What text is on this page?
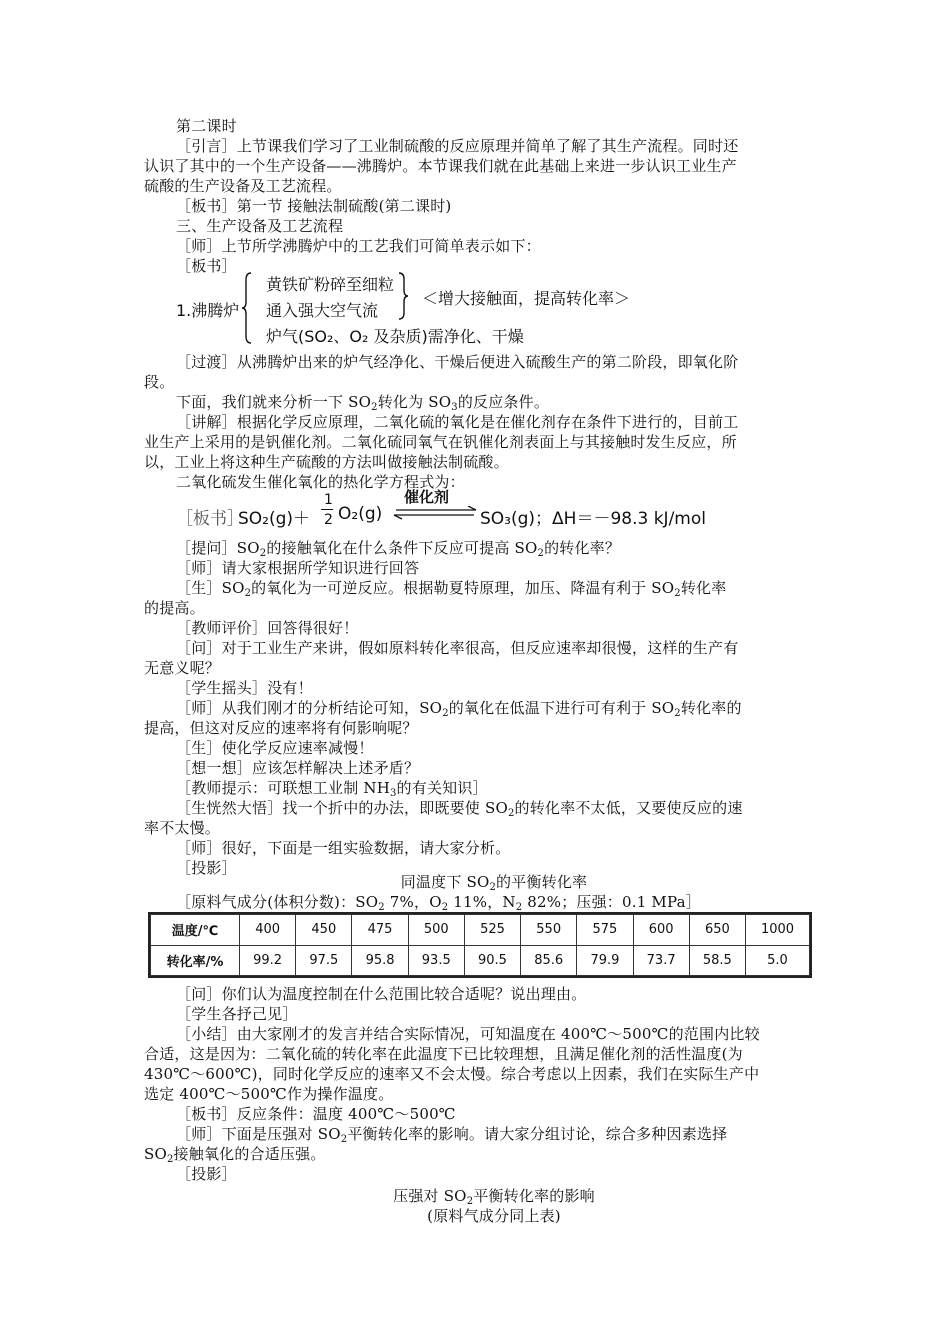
第二课时
［引言］上节课我们学习了工业制硫酸的反应原理并简单了解了其生产流程。同时还
认识了其中的一个生产设备——沸腾炉。本节课我们就在此基础上来进一步认识工业生产
硫酸的生产设备及工艺流程。
［板书］第一节 接触法制硫酸(第二课时)
三、生产设备及工艺流程
［师］上节所学沸腾炉中的工艺我们可简单表示如下：
［板书］
1.沸腾炉
黄铁矿粉碎至细粒
通入强大空气流
炉气(SO₂、O₂ 及杂质)需净化、干燥
＜增大接触面，提高转化率＞
［过渡］从沸腾炉出来的炉气经净化、干燥后便进入硫酸生产的第二阶段，即氧化阶
段。
下面，我们就来分析一下 $SO_2$转化为 $SO_3$的反应条件。
［讲解］根据化学反应原理，二氧化硫的氧化是在催化剂存在条件下进行的，目前工
业生产上采用的是钒催化剂。二氧化硫同氧气在钒催化剂表面上与其接触时发生反应，所
以，工业上将这种生产硫酸的方法叫做接触法制硫酸。
二氧化硫发生催化氧化的热化学方程式为：
［板书］
SO₂(g)＋
1
2 O₂(g)
催化剂
SO₃(g)；ΔH＝－98.3 kJ/mol
［提问$]SO_2$的接触氧化在什么条件下反应可提高 $SO_2$的转化率？
［师］请大家根据所学知识进行回答
［生$]SO_2$的氧化为一可逆反应。根据勒夏特原理，加压、降温有利于 $SO_2$转化率
的提高。
［教师评价］回答得很好！
［问］对于工业生产来讲，假如原料转化率很高，但反应速率却很慢，这样的生产有
无意义呢？
［学生摇头］没有！
［师］从我们刚才的分析结论可知，$SO_2$的氧化在低温下进行可有利于 $SO_2$转化率的
提高，但这对反应的速率将有何影响呢？
［生］使化学反应速率减慢！
［想一想］应该怎样解决上述矛盾？
［教师提示：可联想工业制 $NH_3$的有关知识］
［生恍然大悟］找一个折中的办法，即既要使 $SO_2$的转化率不太低，又要使反应的速
率不太慢。
［师］很好，下面是一组实验数据，请大家分析。
［投影］
同温度下 $SO_2$的平衡转化率
［原料气成分(体积分数)：$SO_2$ 7%，$O_2$ 11%，$N_2$ 82%；压强：0.1 MPa］
温度/℃	400	450	475	500	525	550	575	600	650	1000
转化率/%	99.2	97.5	95.8	93.5	90.5	85.6	79.9	73.7	58.5	5.0
［问］你们认为温度控制在什么范围比较合适呢？说出理由。
［学生各抒己见］
［小结］由大家刚才的发言并结合实际情况，可知温度在 400℃～500℃的范围内比较
合适，这是因为：二氧化硫的转化率在此温度下已比较理想，且满足催化剂的活性温度(为
430℃～600℃)，同时化学反应的速率又不会太慢。综合考虑以上因素，我们在实际生产中
选定 400℃～500℃作为操作温度。
［板书］反应条件：温度 400℃～500℃
［师］下面是压强对 $SO_2$平衡转化率的影响。请大家分组讨论，综合多种因素选择
$SO_2$接触氧化的合适压强。
［投影］
压强对 $SO_2$平衡转化率的影响
(原料气成分同上表)
